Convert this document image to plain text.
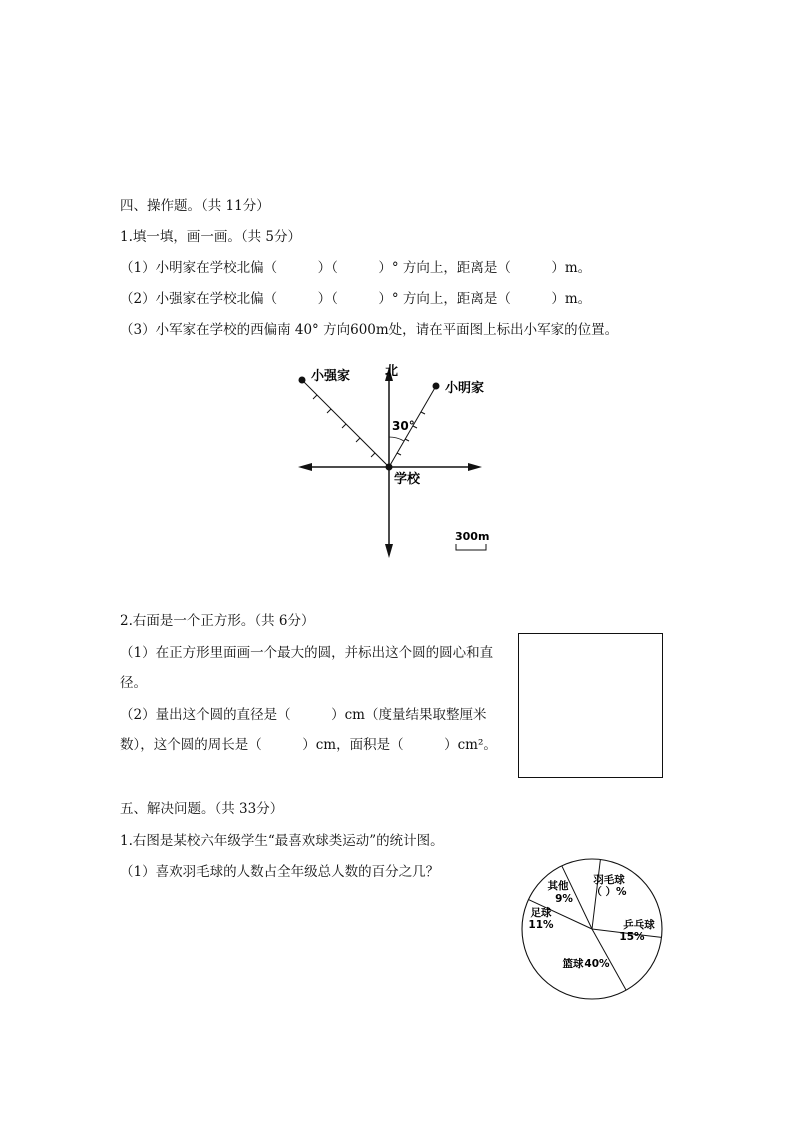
四、操作题。（共 11分）
1.填一填，画一画。（共 5分）
（1）小明家在学校北偏（　　　）（　　　）° 方向上，距离是（　　　）m。
（2）小强家在学校北偏（　　　）（　　　）° 方向上，距离是（　　　）m。
（3）小军家在学校的西偏南 40° 方向600m处，请在平面图上标出小军家的位置。
北
小强家
小明家
30°
学校
300m
2.右面是一个正方形。（共 6分）
（1）在正方形里面画一个最大的圆，并标出这个圆的圆心和直径。
（2）量出这个圆的直径是（　　　）cm（度量结果取整厘米数），这个圆的周长是（　　　）cm，面积是（　　　）cm²。
五、解决问题。（共 33分）
1.右图是某校六年级学生“最喜欢球类运动”的统计图。
（1）喜欢羽毛球的人数占全年级总人数的百分之几？	羽毛球
（ ）%
乒乓球
15%
篮球 40%
足球
11%
其他
9%
